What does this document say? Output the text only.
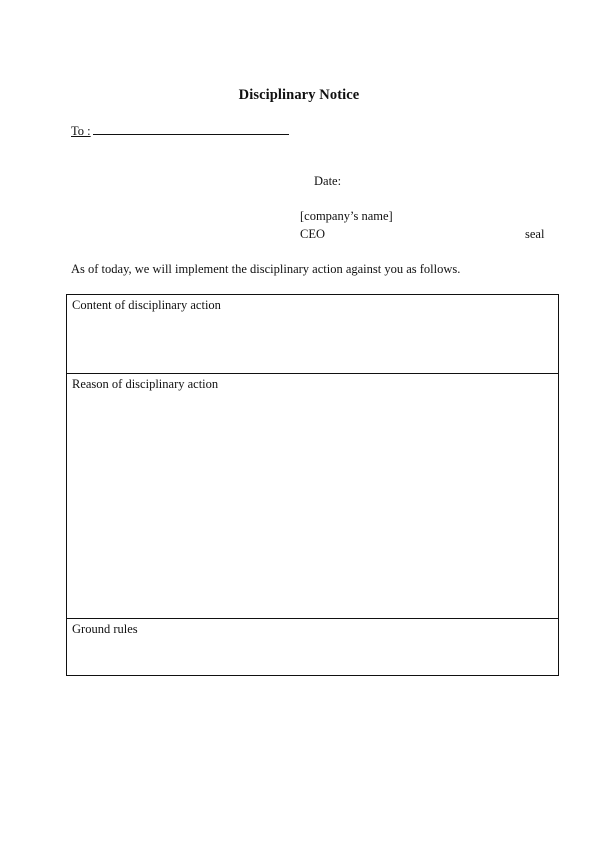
Disciplinary Notice
To :
Date:
[company’s name]
CEO	seal
As of today, we will implement the disciplinary action against you as follows.
Content of disciplinary action
Reason of disciplinary action
Ground rules
